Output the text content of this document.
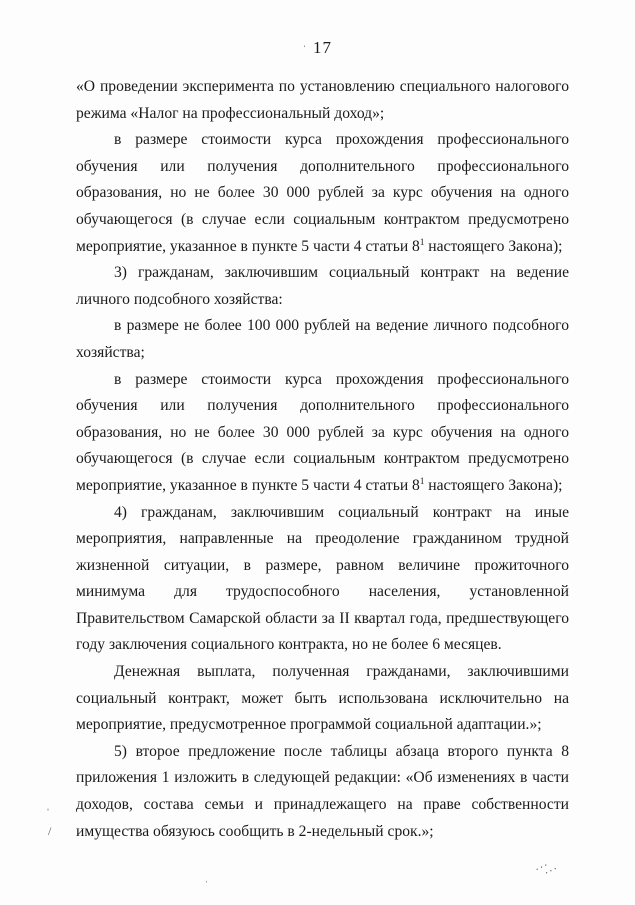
ˈ 17

«О проведении эксперимента по установлению специального налогового режима «Налог на профессиональный доход»;

в размере стоимости курса прохождения профессионального обучения или получения дополнительного профессионального образования, но не более 30 000 рублей за курс обучения на одного обучающегося (в случае если социальным контрактом предусмотрено мероприятие, указанное в пункте 5 части 4 статьи $8^1$ настоящего Закона);

3) гражданам, заключившим социальный контракт на ведение личного подсобного хозяйства:

в размере не более 100 000 рублей на ведение личного подсобного хозяйства;

в размере стоимости курса прохождения профессионального обучения или получения дополнительного профессионального образования, но не более 30 000 рублей за курс обучения на одного обучающегося (в случае если социальным контрактом предусмотрено мероприятие, указанное в пункте 5 части 4 статьи $8^1$ настоящего Закона);

4) гражданам, заключившим социальный контракт на иные мероприятия, направленные на преодоление гражданином трудной жизненной ситуации, в размере, равном величине прожиточного минимума для трудоспособного населения, установленной Правительством Самарской области за II квартал года, предшествующего году заключения социального контракта, но не более 6 месяцев.

Денежная выплата, полученная гражданами, заключившими социальный контракт, может быть использована исключительно на мероприятие, предусмотренное программой социальной адаптации.»;

5) второе предложение после таблицы абзаца второго пункта 8 приложения 1 изложить в следующей редакции: «Об изменениях в части доходов, состава семьи и принадлежащего на праве собственности имущества обязуюсь сообщить в 2-недельный срок.»;

ˈ
/
⋰⋰
ˈ
